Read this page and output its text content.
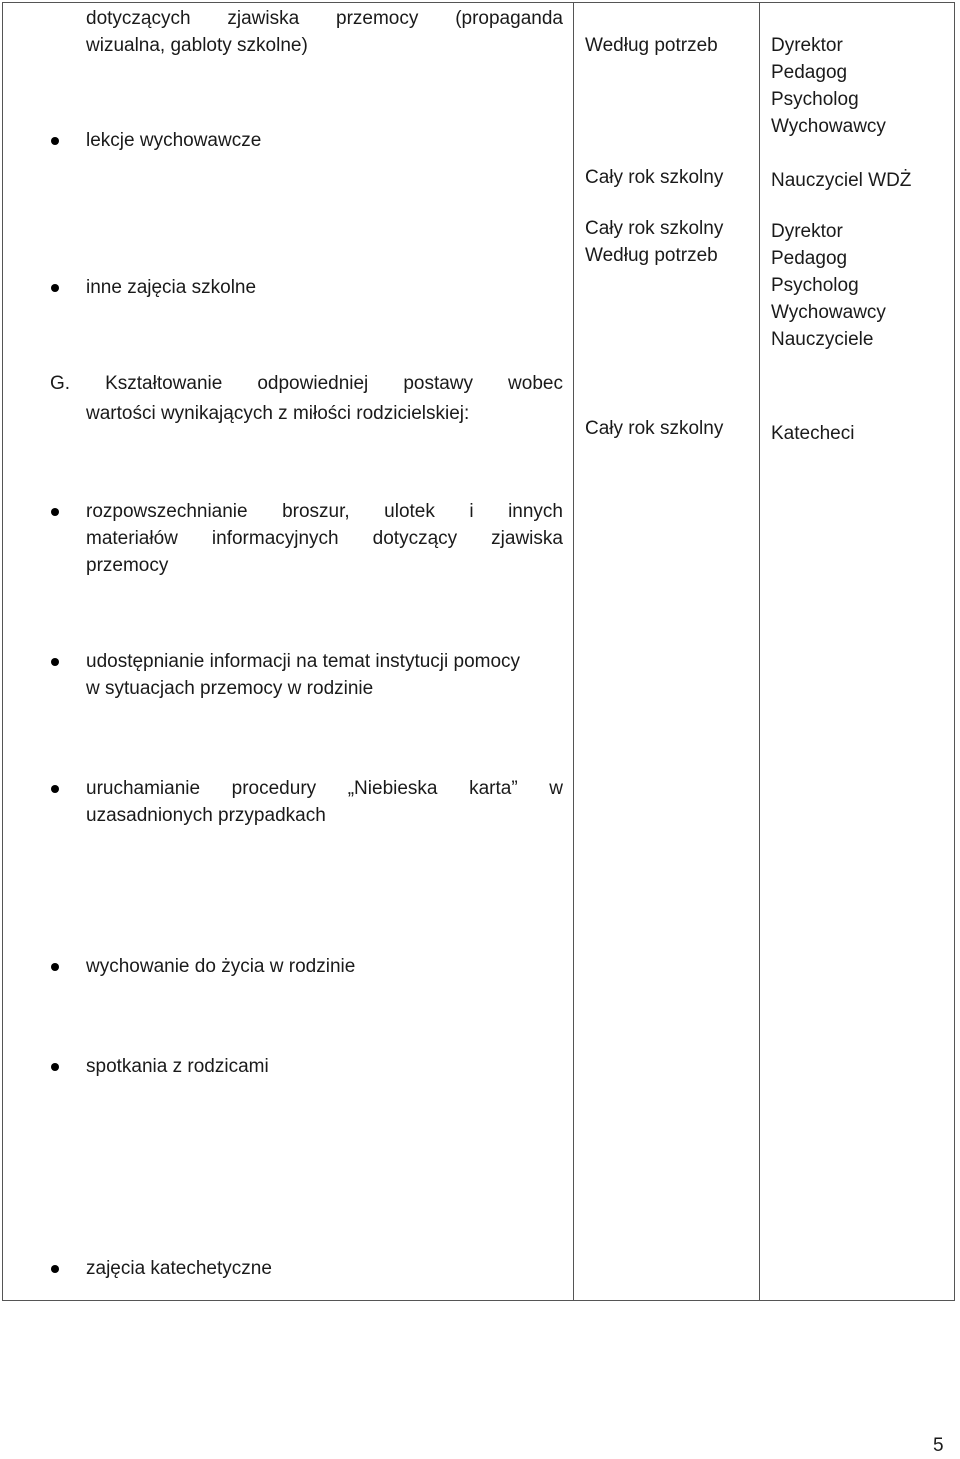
dotyczących zjawiska przemocy (propaganda
wizualna, gabloty szkolne)
lekcje wychowawcze
inne zajęcia szkolne
G. Kształtowanie odpowiedniej postawy wobec
wartości wynikających z miłości rodzicielskiej:
rozpowszechnianie broszur, ulotek i innych
materiałów informacyjnych dotyczący zjawiska
przemocy
udostępnianie informacji na temat instytucji pomocy
w sytuacjach przemocy w rodzinie
uruchamianie procedury „Niebieska karta” w
uzasadnionych przypadkach
wychowanie do życia w rodzinie
spotkania z rodzicami
zajęcia katechetyczne
Według potrzeb
Cały rok szkolny
Cały rok szkolny
Według potrzeb
Cały rok szkolny
Dyrektor
Pedagog
Psycholog
Wychowawcy
Nauczyciel WDŻ
Dyrektor
Pedagog
Psycholog
Wychowawcy
Nauczyciele
Katecheci
5
